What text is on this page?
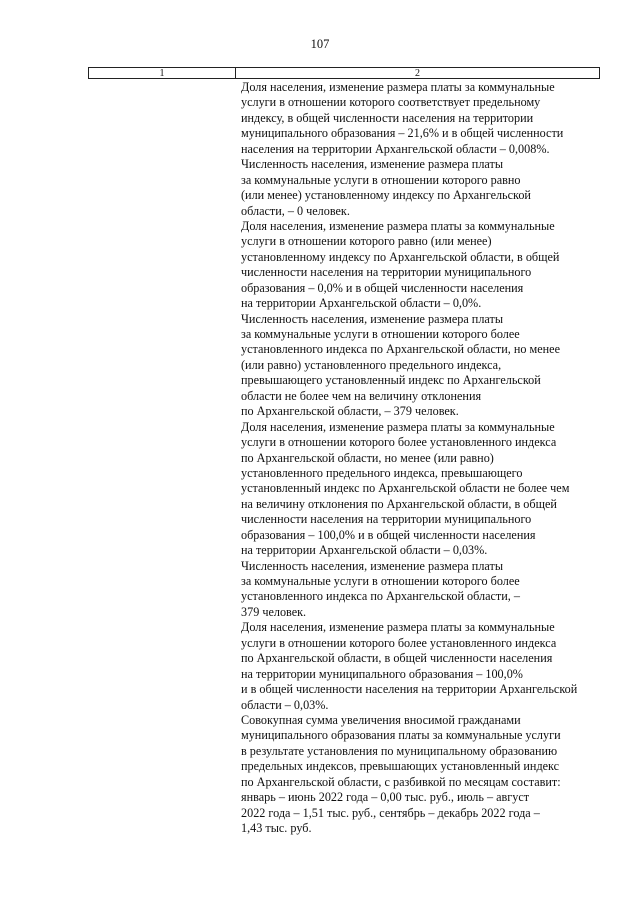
107
1	2
Доля населения, изменение размера платы за коммунальные
услуги в отношении которого соответствует предельному
индексу, в общей численности населения на территории
муниципального образования – 21,6% и в общей численности
населения на территории Архангельской области – 0,008%.
Численность населения, изменение размера платы
за коммунальные услуги в отношении которого равно
(или менее) установленному индексу по Архангельской
области, – 0 человек.
Доля населения, изменение размера платы за коммунальные
услуги в отношении которого равно (или менее)
установленному индексу по Архангельской области, в общей
численности населения на территории муниципального
образования – 0,0% и в общей численности населения
на территории Архангельской области – 0,0%.
Численность населения, изменение размера платы
за коммунальные услуги в отношении которого более
установленного индекса по Архангельской области, но менее
(или равно) установленного предельного индекса,
превышающего установленный индекс по Архангельской
области не более чем на величину отклонения
по Архангельской области, – 379 человек.
Доля населения, изменение размера платы за коммунальные
услуги в отношении которого более установленного индекса
по Архангельской области, но менее (или равно)
установленного предельного индекса, превышающего
установленный индекс по Архангельской области не более чем
на величину отклонения по Архангельской области, в общей
численности населения на территории муниципального
образования – 100,0% и в общей численности населения
на территории Архангельской области – 0,03%.
Численность населения, изменение размера платы
за коммунальные услуги в отношении которого более
установленного индекса по Архангельской области, –
379 человек.
Доля населения, изменение размера платы за коммунальные
услуги в отношении которого более установленного индекса
по Архангельской области, в общей численности населения
на территории муниципального образования – 100,0%
и в общей численности населения на территории Архангельской
области – 0,03%.
Совокупная сумма увеличения вносимой гражданами
муниципального образования платы за коммунальные услуги
в результате установления по муниципальному образованию
предельных индексов, превышающих установленный индекс
по Архангельской области, с разбивкой по месяцам составит:
январь – июнь 2022 года – 0,00 тыс. руб., июль – август
2022 года – 1,51 тыс. руб., сентябрь – декабрь 2022 года –
1,43 тыс. руб.
